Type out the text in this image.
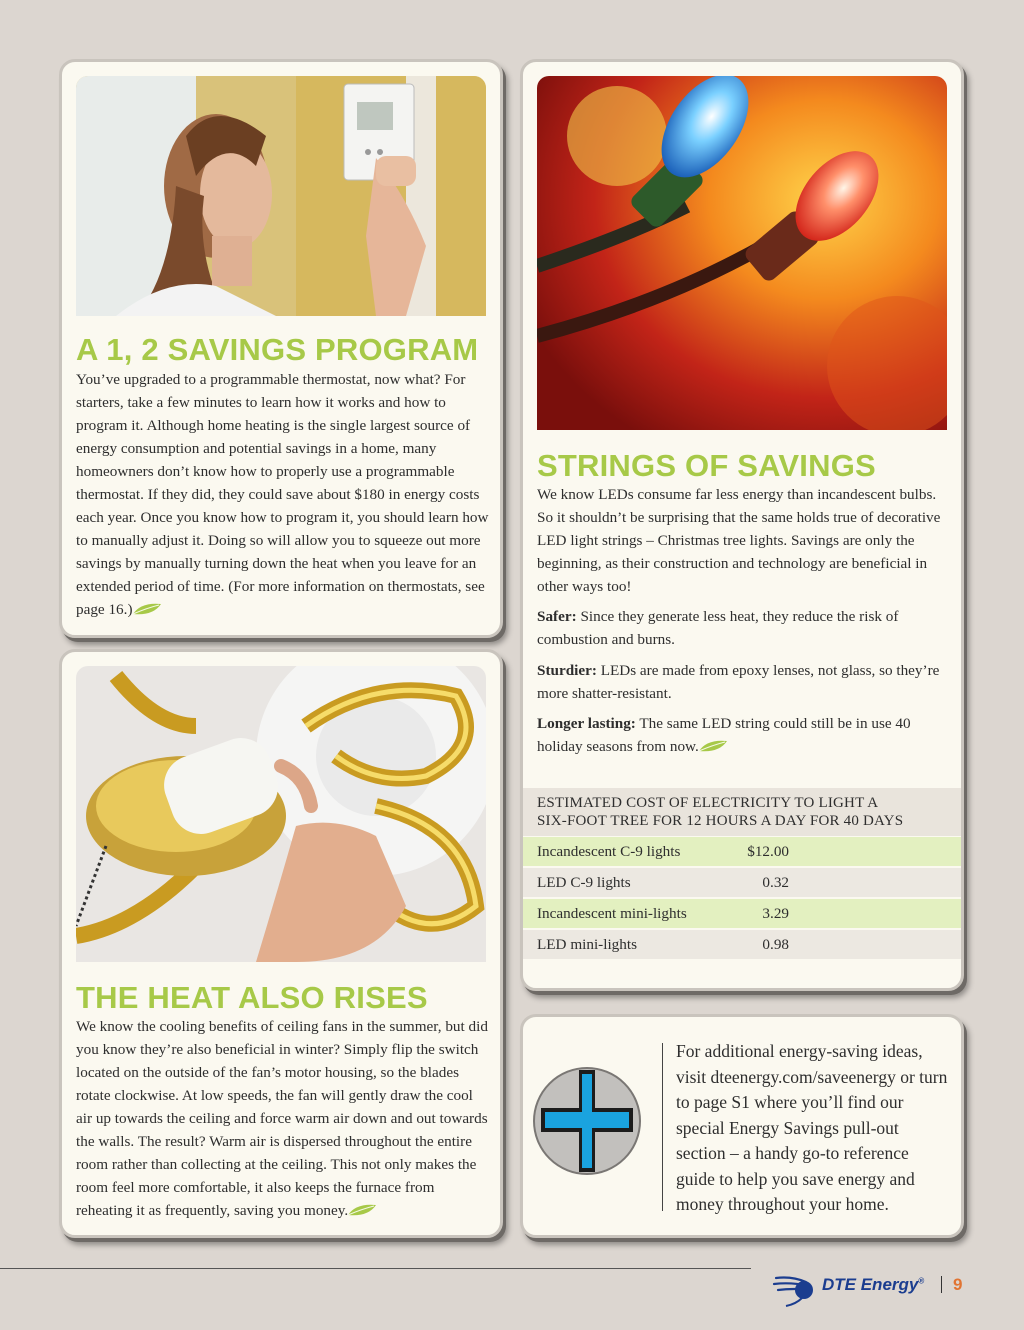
A 1, 2 SAVINGS PROGRAM

You’ve upgraded to a programmable thermostat, now what? For starters, take a few minutes to learn how it works and how to program it. Although home heating is the single largest source of energy consumption and potential savings in a home, many homeowners don’t know how to properly use a programmable thermostat. If they did, they could save about $180 in energy costs each year. Once you know how to program it, you should learn how to manually adjust it. Doing so will allow you to squeeze out more savings by manually turning down the heat when you leave for an extended period of time. (For more information on thermostats, see page 16.)

THE HEAT ALSO RISES

We know the cooling benefits of ceiling fans in the summer, but did you know they’re also beneficial in winter? Simply flip the switch located on the outside of the fan’s motor housing, so the blades rotate clockwise. At low speeds, the fan will gently draw the cool air up towards the ceiling and force warm air down and out towards the walls. The result? Warm air is dispersed throughout the entire room rather than collecting at the ceiling. This not only makes the room feel more comfortable, it also keeps the furnace from reheating it as frequently, saving you money.

STRINGS OF SAVINGS

We know LEDs consume far less energy than incandescent bulbs. So it shouldn’t be surprising that the same holds true of decorative LED light strings – Christmas tree lights. Savings are only the beginning, as their construction and technology are beneficial in other ways too!

Safer: Since they generate less heat, they reduce the risk of combustion and burns.

Sturdier: LEDs are made from epoxy lenses, not glass, so they’re more shatter-resistant.

Longer lasting: The same LED string could still be in use 40 holiday seasons from now.

ESTIMATED COST OF ELECTRICITY TO LIGHT A
SIX-FOOT TREE FOR 12 HOURS A DAY FOR 40 DAYS
Incandescent C-9 lights	$12.00
LED C-9 lights	0.32
Incandescent mini-lights	3.29
LED mini-lights	0.98

For additional energy-saving ideas, visit dteenergy.com/saveenergy or turn to page S1 where you’ll find our special Energy Savings pull-out section – a handy go-to reference guide to help you save energy and money throughout your home.

DTE Energy® 9
